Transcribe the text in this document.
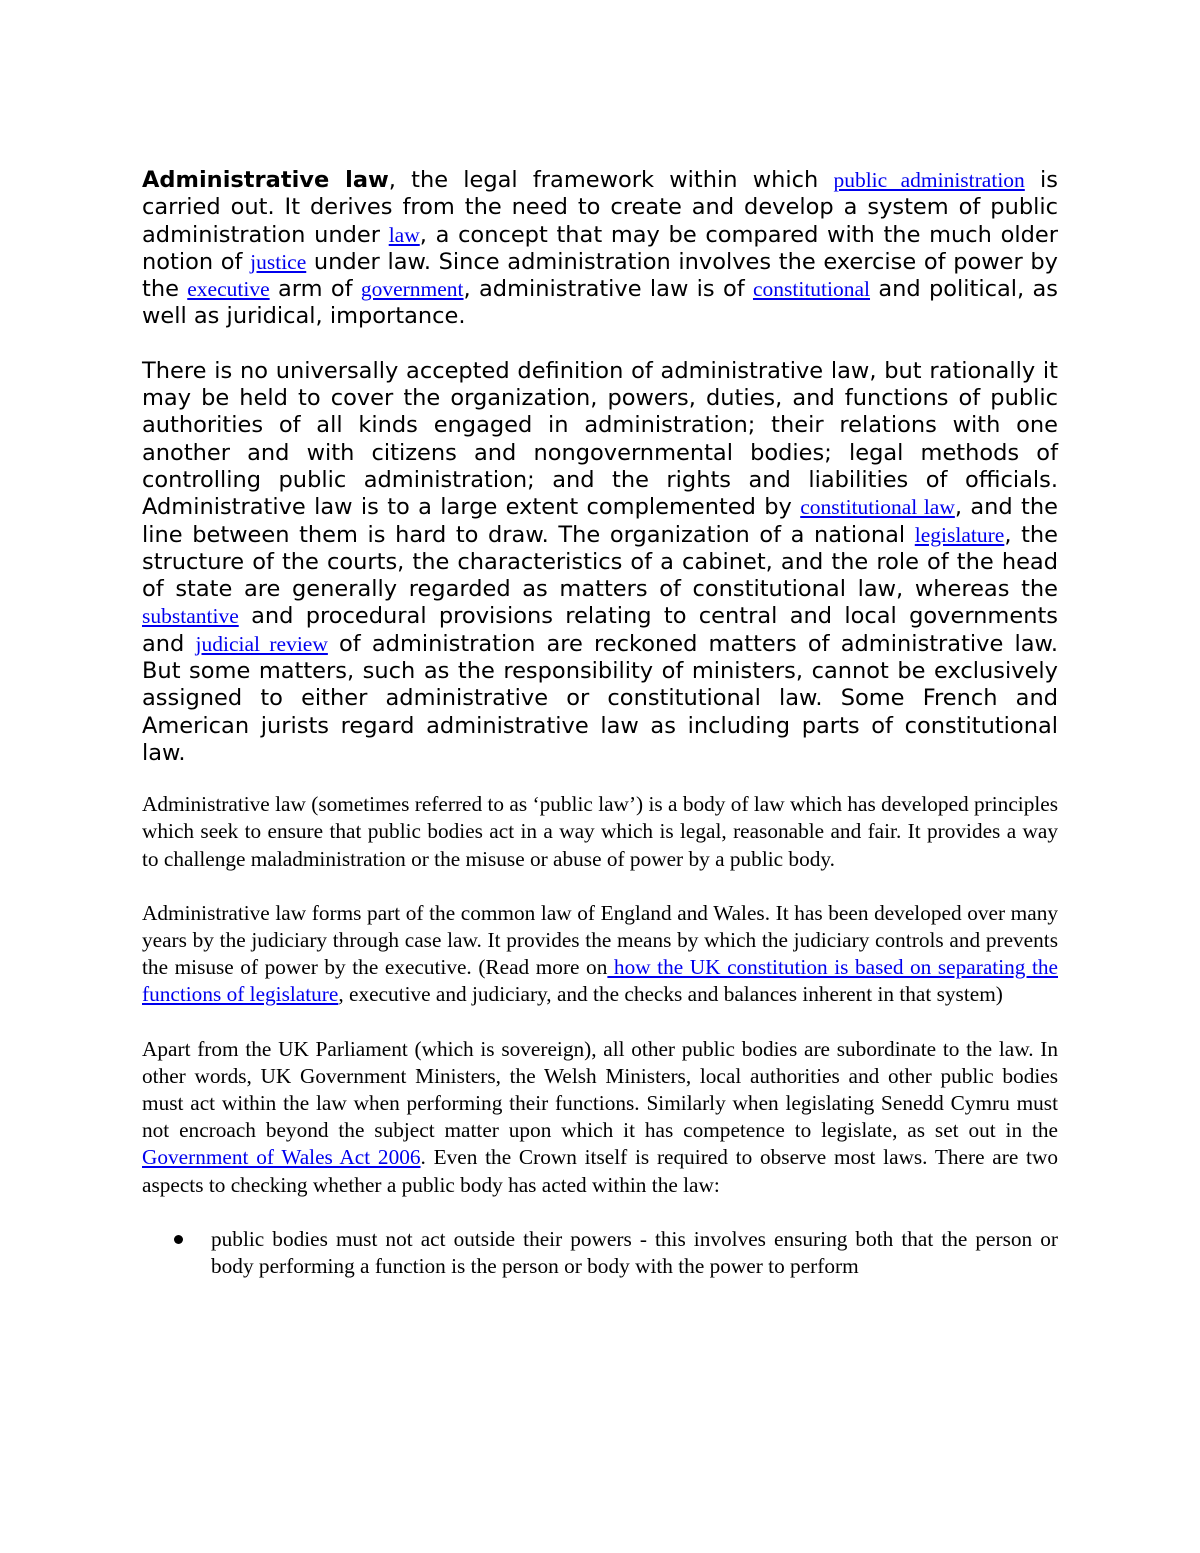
Administrative law, the legal framework within which public administration is carried out. It derives from the need to create and develop a system of public administration under law, a concept that may be compared with the much older notion of justice under law. Since administration involves the exercise of power by the executive arm of government, administrative law is of constitutional and political, as well as juridical, importance.

There is no universally accepted definition of administrative law, but rationally it may be held to cover the organization, powers, duties, and functions of public authorities of all kinds engaged in administration; their relations with one another and with citizens and nongovernmental bodies; legal methods of controlling public administration; and the rights and liabilities of officials. Administrative law is to a large extent complemented by constitutional law, and the line between them is hard to draw. The organization of a national legislature, the structure of the courts, the characteristics of a cabinet, and the role of the head of state are generally regarded as matters of constitutional law, whereas the substantive and procedural provisions relating to central and local governments and judicial review of administration are reckoned matters of administrative law. But some matters, such as the responsibility of ministers, cannot be exclusively assigned to either administrative or constitutional law. Some French and American jurists regard administrative law as including parts of constitutional law.

Administrative law (sometimes referred to as ‘public law’) is a body of law which has developed principles which seek to ensure that public bodies act in a way which is legal, reasonable and fair. It provides a way to challenge maladministration or the misuse or abuse of power by a public body.

Administrative law forms part of the common law of England and Wales. It has been developed over many years by the judiciary through case law. It provides the means by which the judiciary controls and prevents the misuse of power by the executive. (Read more on how the UK constitution is based on separating the functions of legislature, executive and judiciary, and the checks and balances inherent in that system)

Apart from the UK Parliament (which is sovereign), all other public bodies are subordinate to the law. In other words, UK Government Ministers, the Welsh Ministers, local authorities and other public bodies must act within the law when performing their functions. Similarly when legislating Senedd Cymru must not encroach beyond the subject matter upon which it has competence to legislate, as set out in the Government of Wales Act 2006. Even the Crown itself is required to observe most laws. There are two aspects to checking whether a public body has acted within the law:

public bodies must not act outside their powers - this involves ensuring both that the person or body performing a function is the person or body with the power to perform
